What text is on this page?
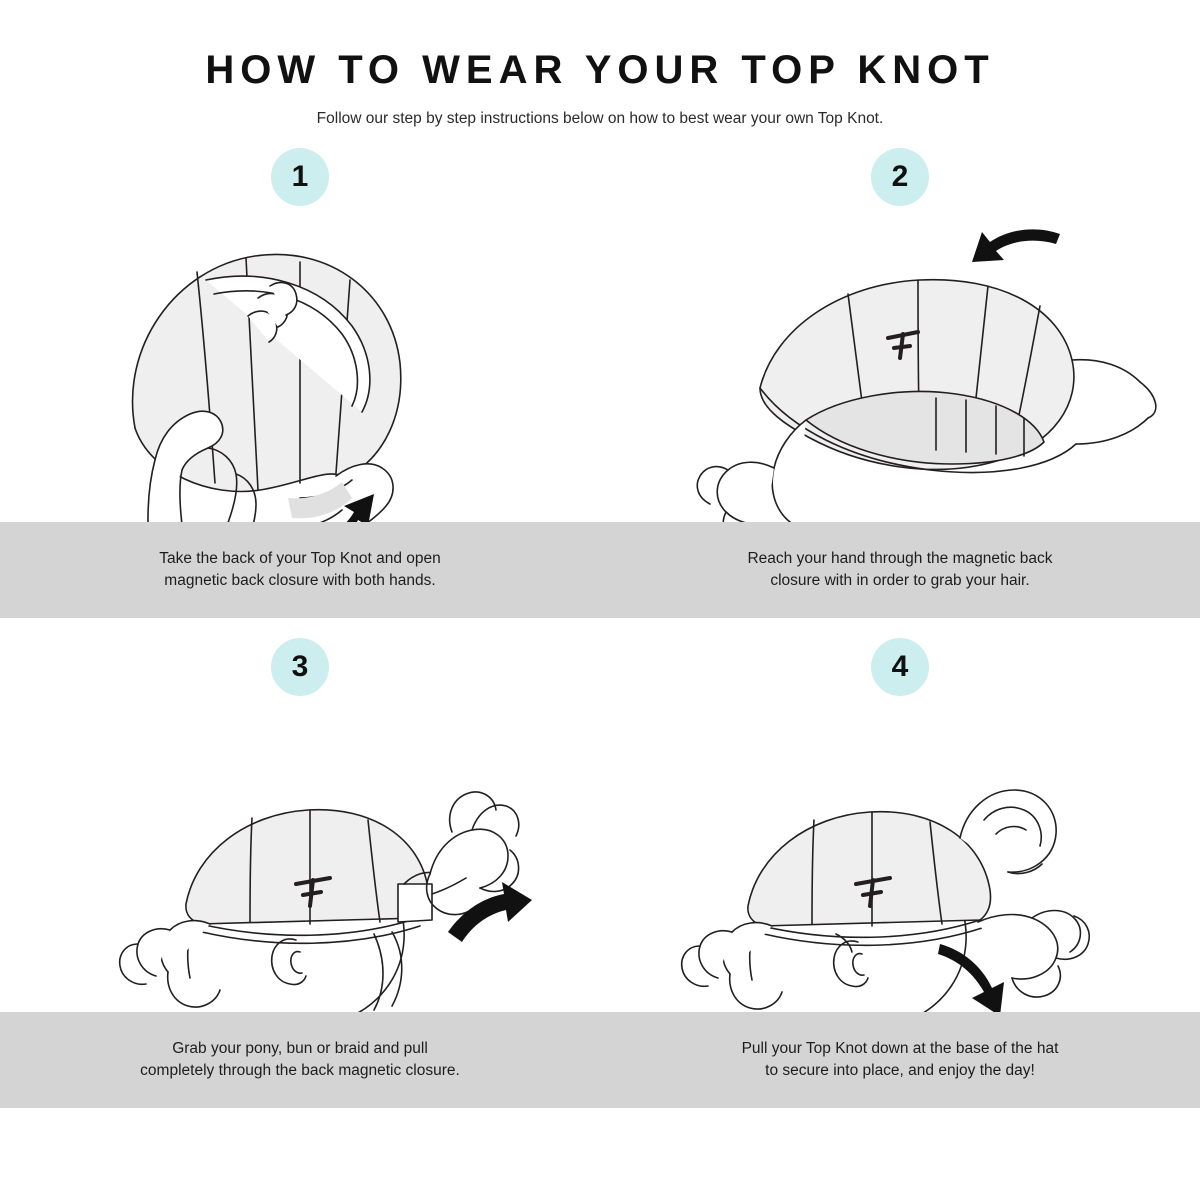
HOW TO WEAR YOUR TOP KNOT

Follow our step by step instructions below on how to best wear your own Top Knot.

1	2
Take the back of your Top Knot and open magnetic back closure with both hands.
Reach your hand through the magnetic back closure with in order to grab your hair.
3	4
Grab your pony, bun or braid and pull completely through the back magnetic closure.
Pull your Top Knot down at the base of the hat to secure into place, and enjoy the day!
